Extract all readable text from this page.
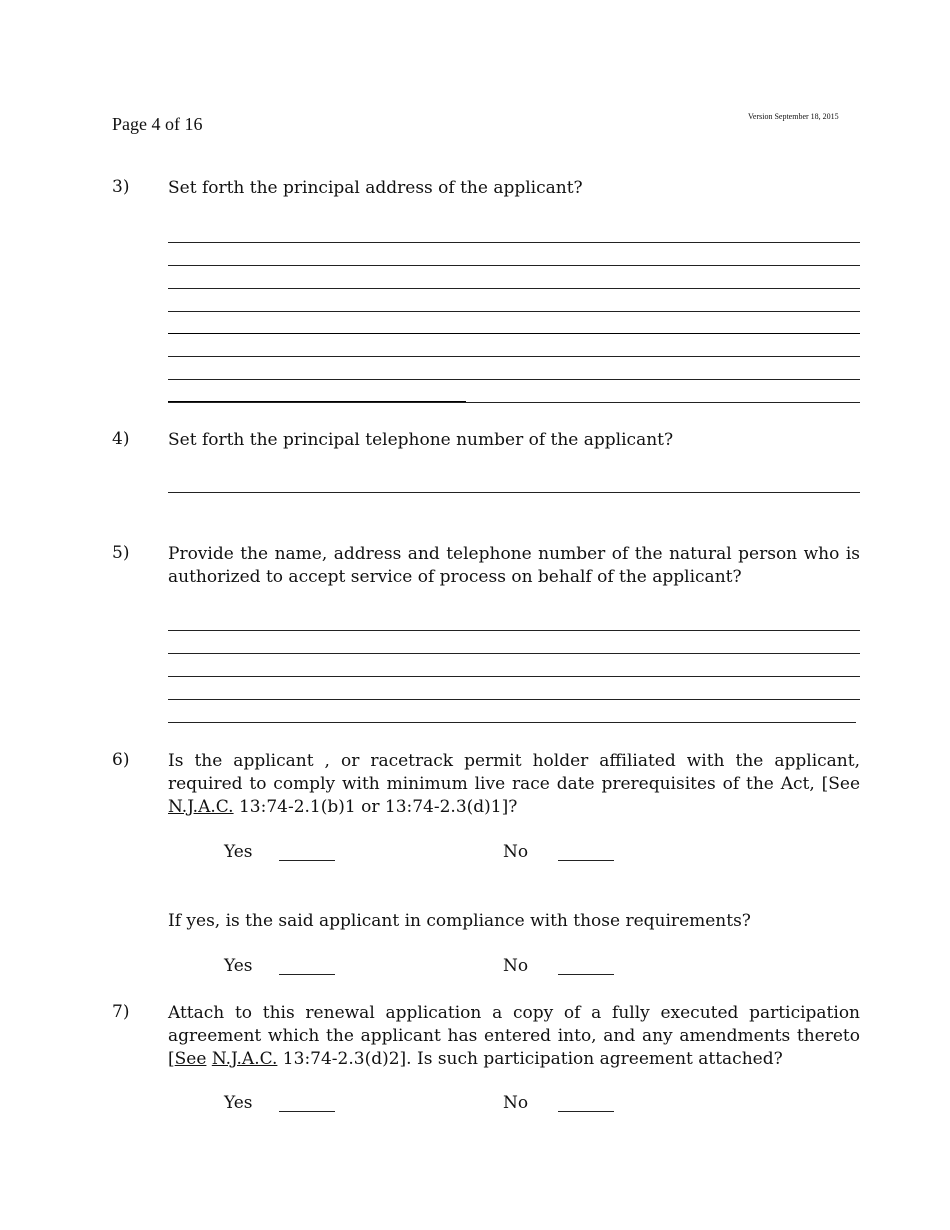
Page 4 of 16	Version September 18, 2015
3) Set forth the principal address of the applicant?
4) Set forth the principal telephone number of the applicant?
5) Provide the name, address and telephone number of the natural person who is authorized to accept service of process on behalf of the applicant?
6) Is the applicant , or racetrack permit holder affiliated with the applicant, required to comply with minimum live race date prerequisites of the Act, [See N.J.A.C. 13:74-2.1(b)1 or 13:74-2.3(d)1]?
Yes	No
If yes, is the said applicant in compliance with those requirements?
Yes	No
7) Attach to this renewal application a copy of a fully executed participation agreement which the applicant has entered into, and any amendments thereto [See N.J.A.C. 13:74-2.3(d)2]. Is such participation agreement attached?
Yes	No
